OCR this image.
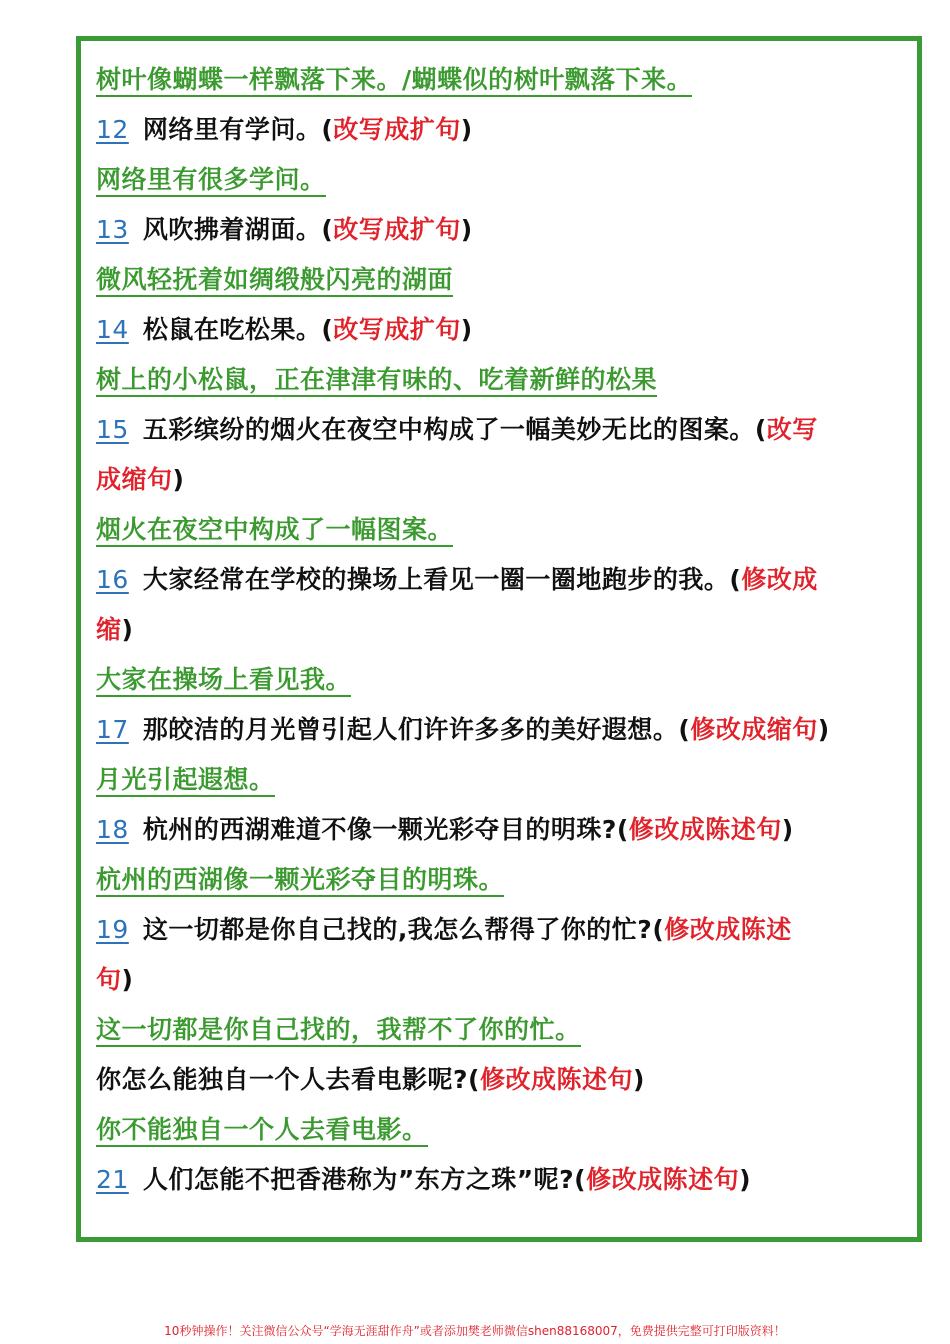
树叶像蝴蝶一样飘落下来。/蝴蝶似的树叶飘落下来。
12 网络里有学问。(改写成扩句)
网络里有很多学问。
13 风吹拂着湖面。(改写成扩句)
微风轻抚着如绸缎般闪亮的湖面
14 松鼠在吃松果。(改写成扩句)
树上的小松鼠，正在津津有味的、吃着新鲜的松果
15 五彩缤纷的烟火在夜空中构成了一幅美妙无比的图案。(改写
成缩句)
烟火在夜空中构成了一幅图案。
16 大家经常在学校的操场上看见一圈一圈地跑步的我。(修改成
缩)
大家在操场上看见我。
17 那皎洁的月光曾引起人们许许多多的美好遐想。(修改成缩句)
月光引起遐想。
18 杭州的西湖难道不像一颗光彩夺目的明珠?(修改成陈述句)
杭州的西湖像一颗光彩夺目的明珠。
19 这一切都是你自己找的,我怎么帮得了你的忙?(修改成陈述
句)
这一切都是你自己找的，我帮不了你的忙。
你怎么能独自一个人去看电影呢?(修改成陈述句)
你不能独自一个人去看电影。
21 人们怎能不把香港称为”东方之珠”呢?(修改成陈述句)
10秒钟操作！关注微信公众号“学海无涯甜作舟”或者添加樊老师微信shen88168007，免费提供完整可打印版资料！
